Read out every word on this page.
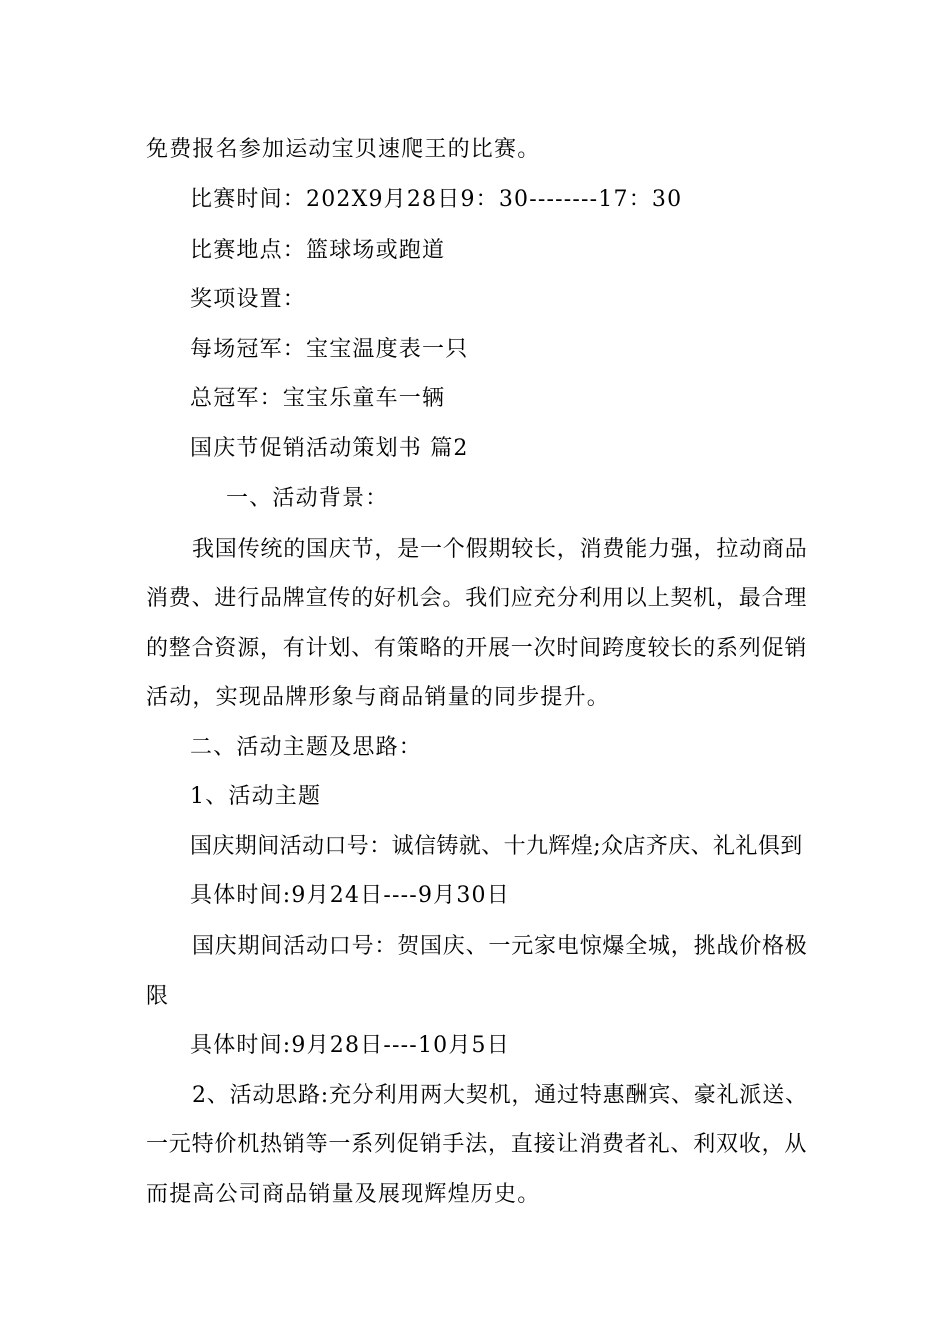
免费报名参加运动宝贝速爬王的比赛。

比赛时间：202X9月28日9：30--------17：30

比赛地点：篮球场或跑道

奖项设置：

每场冠军：宝宝温度表一只

总冠军：宝宝乐童车一辆

国庆节促销活动策划书 篇2

一、活动背景：

我国传统的国庆节，是一个假期较长，消费能力强，拉动商品

消费、进行品牌宣传的好机会。我们应充分利用以上契机，最合理

的整合资源，有计划、有策略的开展一次时间跨度较长的系列促销

活动，实现品牌形象与商品销量的同步提升。

二、活动主题及思路：

1、活动主题

国庆期间活动口号：诚信铸就、十九辉煌;众店齐庆、礼礼俱到

具体时间:9月24日----9月30日

国庆期间活动口号：贺国庆、一元家电惊爆全城，挑战价格极

限

具体时间:9月28日----10月5日

2、活动思路:充分利用两大契机，通过特惠酬宾、豪礼派送、

一元特价机热销等一系列促销手法，直接让消费者礼、利双收，从

而提高公司商品销量及展现辉煌历史。
